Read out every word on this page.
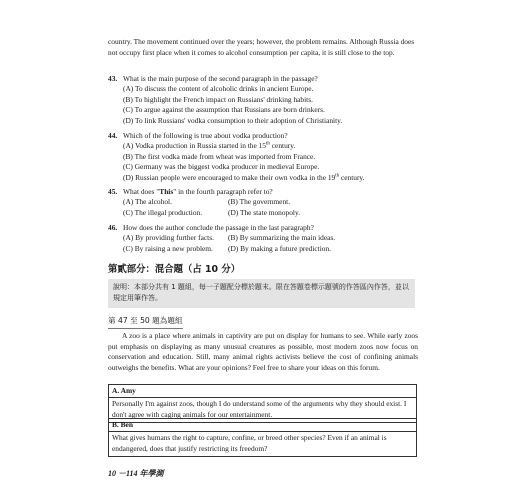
country. The movement continued over the years; however, the problem remains. Although Russia does not occupy first place when it comes to alcohol consumption per capita, it is still close to the top.
43. What is the main purpose of the second paragraph in the passage?
(A) To discuss the content of alcoholic drinks in ancient Europe.
(B) To highlight the French impact on Russians' drinking habits.
(C) To argue against the assumption that Russians are born drinkers.
(D) To link Russians' vodka consumption to their adoption of Christianity.
44. Which of the following is true about vodka production?
(A) Vodka production in Russia started in the 15th century.
(B) The first vodka made from wheat was imported from France.
(C) Germany was the biggest vodka producer in medieval Europe.
(D) Russian people were encouraged to make their own vodka in the 19th century.
45. What does "This" in the fourth paragraph refer to?
(A) The alcohol.	(B) The government.
(C) The illegal production.	(D) The state monopoly.
46. How does the author conclude the passage in the last paragraph?
(A) By providing further facts.	(B) By summarizing the main ideas.
(C) By raising a new problem.	(D) By making a future prediction.
第貳部分：混合題（占 10 分）
說明：本部分共有 1 題組，每一子題配分標於題末。限在答題卷標示題號的作答區內作答，並以規定用筆作答。
第 47 至 50 題為題組
A zoo is a place where animals in captivity are put on display for humans to see. While early zoos put emphasis on displaying as many unusual creatures as possible, most modern zoos now focus on conservation and education. Still, many animal rights activists believe the cost of confining animals outweighs the benefits. What are your opinions? Feel free to share your ideas on this forum.
A. Amy
Personally I'm against zoos, though I do understand some of the arguments why they should exist. I don't agree with caging animals for our entertainment.
B. Ben
What gives humans the right to capture, confine, or breed other species? Even if an animal is endangered, does that justify restricting its freedom?
10 －114 年學測
